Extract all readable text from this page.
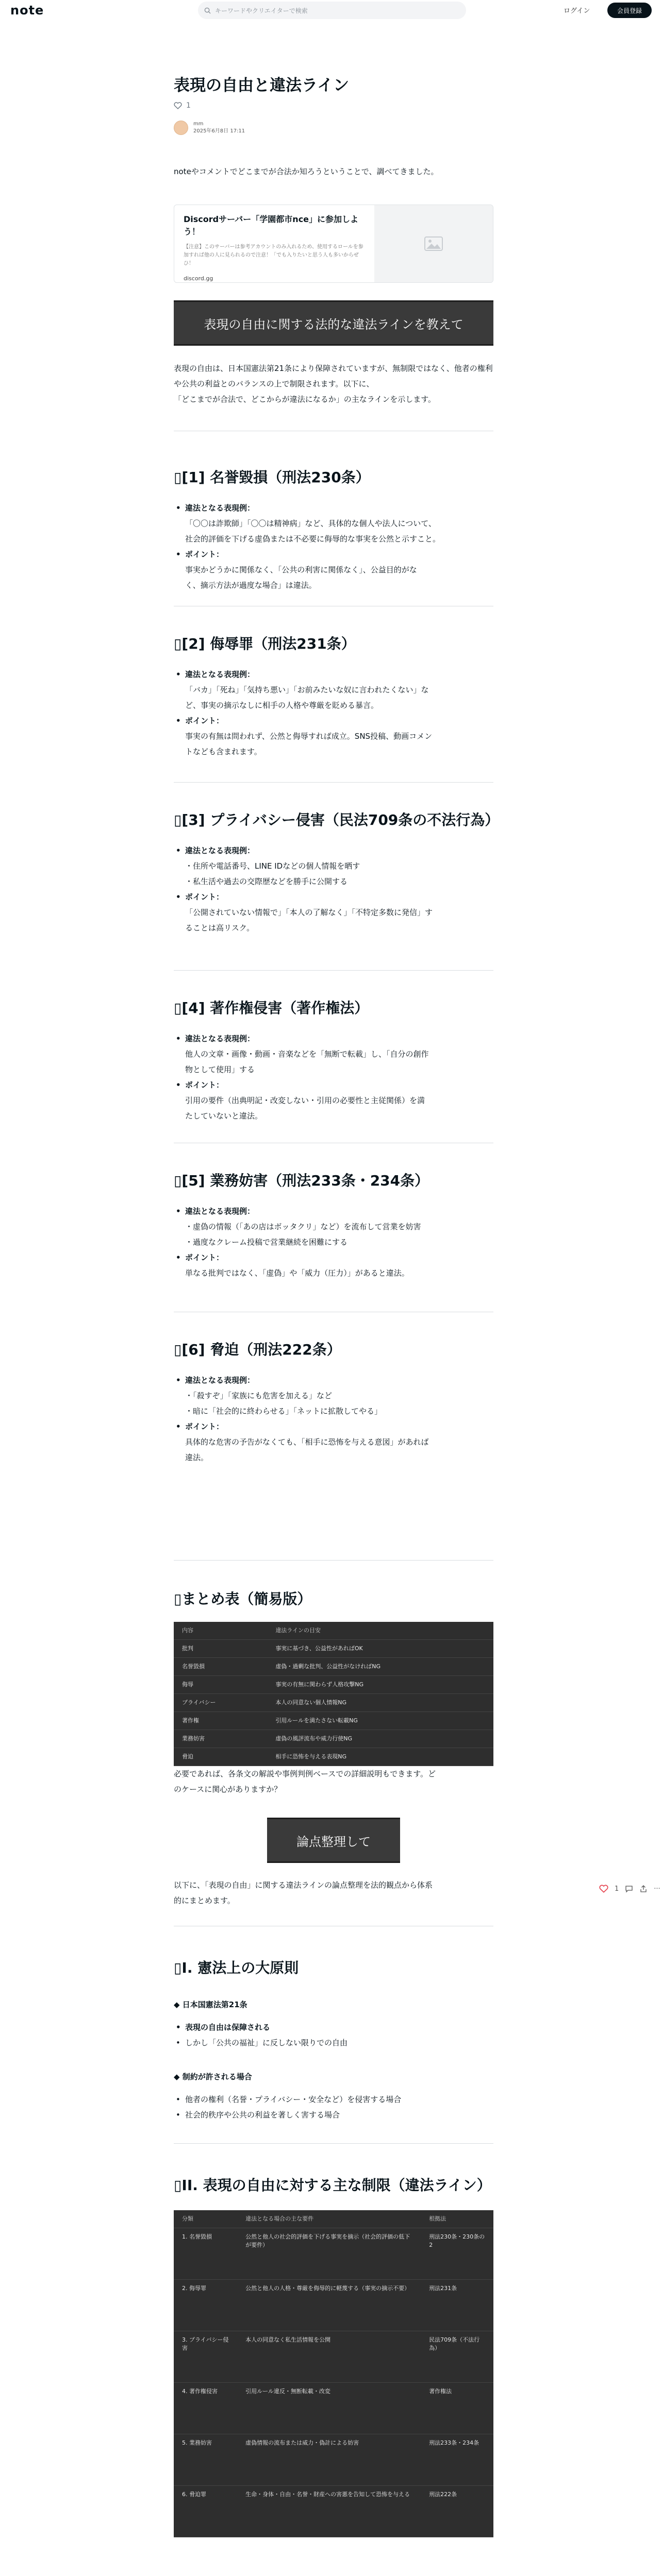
note	キーワードやクリエイターで検索	ログイン	会員登録
表現の自由と違法ライン
1
mm
2025年6月8日 17:11
noteやコメントでどこまでが合法か知ろうということで、調べてきました。
Discordサーバー「学園都市nce」に参加しよう！
【注意】このサーバーは参考アカウントのみ入れるため、使用するロールを参加すれば他の人に見られるので注意！「でも入りたいと思う人も多いからぜひ！
discord.gg
表現の自由に関する法的な違法ラインを教えて
表現の自由は、日本国憲法第21条により保障されていますが、無制限ではなく、他者の権利や公共の利益とのバランスの上で制限されます。以下に、
「どこまでが合法で、どこからが違法になるか」の主なラインを示します。
▯[1] 名誉毀損（刑法230条）
• 違法となる表現例：
「〇〇は詐欺師」「〇〇は精神病」など、具体的な個人や法人について、
社会的評価を下げる虚偽または不必要に侮辱的な事実を公然と示すこと。
• ポイント：
事実かどうかに関係なく、「公共の利害に関係なく」、公益目的がな
く、摘示方法が過度な場合」は違法。
▯[2] 侮辱罪（刑法231条）
• 違法となる表現例：
「バカ」「死ね」「気持ち悪い」「お前みたいな奴に言われたくない」な
ど、事実の摘示なしに相手の人格や尊厳を貶める暴言。
• ポイント：
事実の有無は問われず、公然と侮辱すれば成立。SNS投稿、動画コメン
トなども含まれます。
▯[3] プライバシー侵害（民法709条の不法行為）
• 違法となる表現例：
・住所や電話番号、LINE IDなどの個人情報を晒す
・私生活や過去の交際歴などを勝手に公開する
• ポイント：
「公開されていない情報で」「本人の了解なく」「不特定多数に発信」す
ることは高リスク。
▯[4] 著作権侵害（著作権法）
• 違法となる表現例：
他人の文章・画像・動画・音楽などを「無断で転載」し、「自分の創作
物として使用」する
• ポイント：
引用の要件（出典明記・改変しない・引用の必要性と主従関係）を満
たしていないと違法。
▯[5] 業務妨害（刑法233条・234条）
• 違法となる表現例：
・虚偽の情報（「あの店はボッタクリ」など）を流布して営業を妨害
・過度なクレーム投稿で営業継続を困難にする
• ポイント：
単なる批判ではなく、「虚偽」や「威力（圧力）」があると違法。
▯[6] 脅迫（刑法222条）
• 違法となる表現例：
・「殺すぞ」「家族にも危害を加える」など
・暗に「社会的に終わらせる」「ネットに拡散してやる」
• ポイント：
具体的な危害の予告がなくても、「相手に恐怖を与える意図」があれば
違法。
▯まとめ表（簡易版）
内容	違法ラインの目安
批判	事実に基づき、公益性があればOK
名誉毀損	虚偽・過剰な批判、公益性がなければNG
侮辱	事実の有無に関わらず人格攻撃NG
プライバシー	本人の同意ない個人情報NG
著作権	引用ルールを満たさない転載NG
業務妨害	虚偽の風評流布や威力行使NG
脅迫	相手に恐怖を与える表現NG
必要であれば、各条文の解説や事例判例ベースでの詳細説明もできます。ど
のケースに関心がありますか？
論点整理して
以下に、「表現の自由」に関する違法ラインの論点整理を法的観点から体系
的にまとめます。
▯I. 憲法上の大原則
◆ 日本国憲法第21条
• 表現の自由は保障される
• しかし「公共の福祉」に反しない限りでの自由
◆ 制約が許される場合
• 他者の権利（名誉・プライバシー・安全など）を侵害する場合
• 社会的秩序や公共の利益を著しく害する場合
▯II. 表現の自由に対する主な制限（違法ライン）
分類	違法となる場合の主な要件	根拠法
1. 名誉毀損	公然と他人の社会的評価を下げる事実を摘示（社会的評価の低下が要件）	刑法230条・230条の2
2. 侮辱罪	公然と他人の人格・尊厳を侮辱的に軽蔑する（事実の摘示不要）	刑法231条
3. プライバシー侵害	本人の同意なく私生活情報を公開	民法709条（不法行為）
4. 著作権侵害	引用ルール違反・無断転載・改変	著作権法
5. 業務妨害	虚偽情報の流布または威力・偽計による妨害	刑法233条・234条
6. 脅迫罪	生命・身体・自由・名誉・財産への害悪を告知して恐怖を与える	刑法222条

1	···
